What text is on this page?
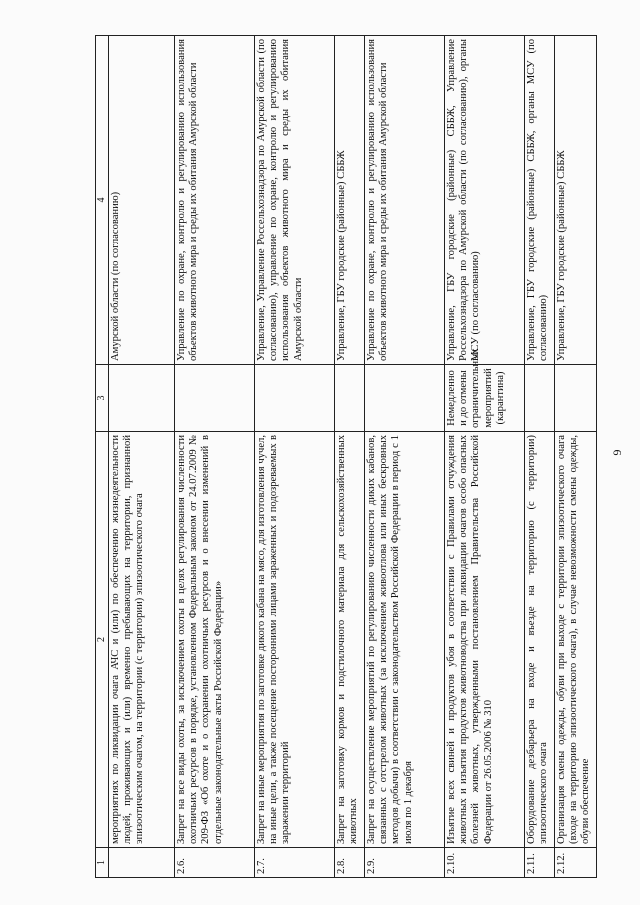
6
1	2	3	4
	мероприятиях по ликвидации очага АЧС и (или) по обеспечению жизнедеятельности людей, проживающих и (или) временно пребывающих на территории, признанной эпизоотическим очагом, на территории (с территории) эпизоотического очага		Амурской области (по согласованию)
2.6.	Запрет на все виды охоты, за исключением охоты в целях регулирования численности охотничьих ресурсов в порядке, установленном Федеральным законом от 24.07.2009 № 209-ФЗ «Об охоте и о сохранении охотничьих ресурсов и о внесении изменений в отдельные законодательные акты Российской Федерации»		Управление по охране, контролю и регулированию использования объектов животного мира и среды их обитания Амурской области
2.7.	Запрет на иные мероприятия по заготовке дикого кабана на мясо, для изготовления чучел, на иные цели, а также посещение посторонними лицами зараженных и подозреваемых в заражении территорий		Управление, Управление Россельхознадзора по Амурской области (по согласованию), управление по охране, контролю и регулированию использования объектов животного мира и среды их обитания Амурской области
2.8.	Запрет на заготовку кормов и подстилочного материала для сельскохозяйственных животных		Управление, ГБУ городские (районные) СББЖ
2.9.	Запрет на осуществление мероприятий по регулированию численности диких кабанов, связанных с отстрелом животных (за исключением живоотлова или иных бескровных методов добычи) в соответствии с законодательством Российской Федерации в период с 1 июля по 1 декабря		Управление по охране, контролю и регулированию использования объектов животного мира и среды их обитания Амурской области
2.10.	Изъятие всех свиней и продуктов убоя в соответствии с Правилами отчуждения животных и изъятия продуктов животноводства при ликвидации очагов особо опасных болезней животных, утвержденными постановлением Правительства Российской Федерации от 26.05.2006 № 310	Немедленно и до отмены ограничительных мероприятий (карантина)	Управление, ГБУ городские (районные) СББЖ, Управление Россельхознадзора по Амурской области (по согласованию), органы МСУ (по согласованию)
2.11.	Оборудование дезбарьера на входе и въезде на территорию (с территории) эпизоотического очага		Управление, ГБУ городские (районные) СББЖ, органы МСУ (по согласованию)
2.12.	Организация смены одежды, обуви при выходе с территории эпизоотического очага (входе на территорию эпизоотического очага), в случае невозможности смены одежды, обуви обеспечение		Управление, ГБУ городские (районные) СББЖ
